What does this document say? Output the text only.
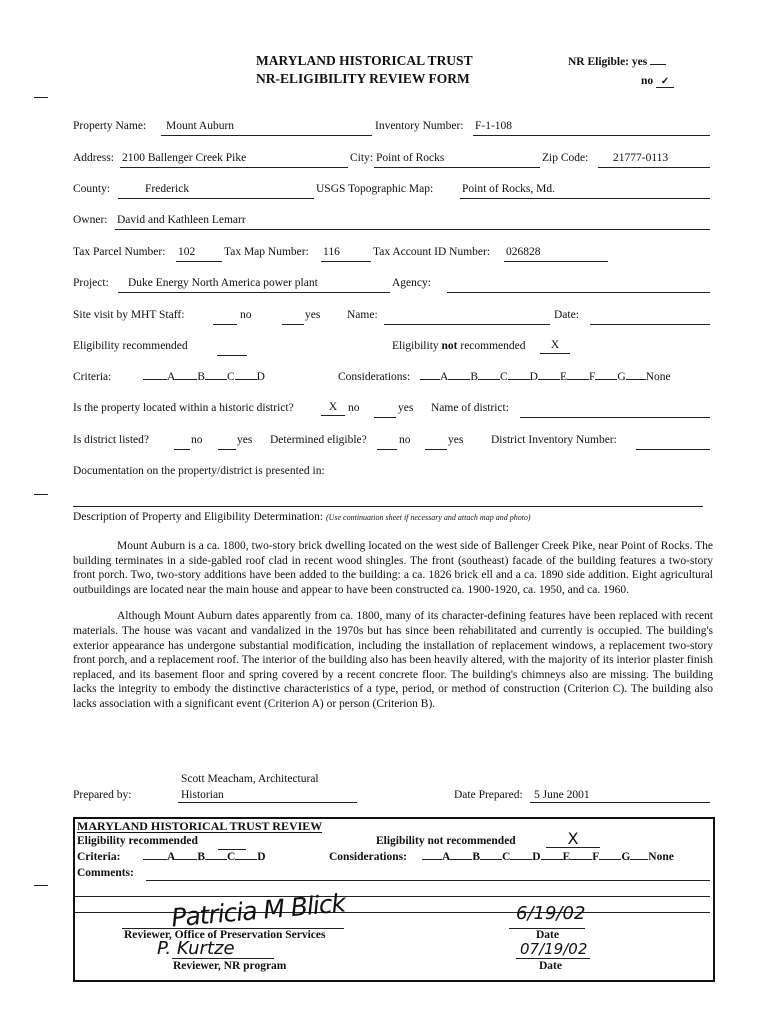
MARYLAND HISTORICAL TRUST
NR-ELIGIBILITY REVIEW FORM
NR Eligible: yes
no ✓
Property Name: Mount Auburn	Inventory Number: F-1-108
Address: 2100 Ballenger Creek Pike	City: Point of Rocks	Zip Code: 21777-0113
County:	Frederick	USGS Topographic Map:	Point of Rocks, Md.
Owner: David and Kathleen Lemarr
Tax Parcel Number: 102	Tax Map Number: 116	Tax Account ID Number: 026828
Project: Duke Energy North America power plant	Agency:
Site visit by MHT Staff:	no	yes Name:	Date:
Eligibility recommended	Eligibility not recommended	X
Criteria:	A B C D	Considerations:	A B C D E F G None
Is the property located within a historic district?	X no	yes Name of district:
Is district listed?	no	yes Determined eligible?	no	yes District Inventory Number:
Documentation on the property/district is presented in:
Description of Property and Eligibility Determination: (Use continuation sheet if necessary and attach map and photo)

Mount Auburn is a ca. 1800, two-story brick dwelling located on the west side of Ballenger Creek Pike, near Point of Rocks. The building terminates in a side-gabled roof clad in recent wood shingles. The front (southeast) facade of the building features a two-story front porch. Two, two-story additions have been added to the building: a ca. 1826 brick ell and a ca. 1890 side addition. Eight agricultural outbuildings are located near the main house and appear to have been constructed ca. 1900-1920, ca. 1950, and ca. 1960.

Although Mount Auburn dates apparently from ca. 1800, many of its character-defining features have been replaced with recent materials. The house was vacant and vandalized in the 1970s but has since been rehabilitated and currently is occupied. The building's exterior appearance has undergone substantial modification, including the installation of replacement windows, a replacement two-story front porch, and a replacement roof. The interior of the building also has been heavily altered, with the majority of its interior plaster finish replaced, and its basement floor and spring covered by a recent concrete floor. The building's chimneys also are missing. The building lacks the integrity to embody the distinctive characteristics of a type, period, or method of construction (Criterion C). The building also lacks association with a significant event (Criterion A) or person (Criterion B).

Scott Meacham, Architectural
Prepared by:	Historian	Date Prepared: 5 June 2001
MARYLAND HISTORICAL TRUST REVIEW
Eligibility recommended	Eligibility not recommended	X
Criteria:	A B C D	Considerations:	A B C D E F G None
Comments:
Patricia M Blick
Reviewer, Office of Preservation Services
6/19/02
Date
P. Kurtze
Reviewer, NR program
07/19/02
Date
